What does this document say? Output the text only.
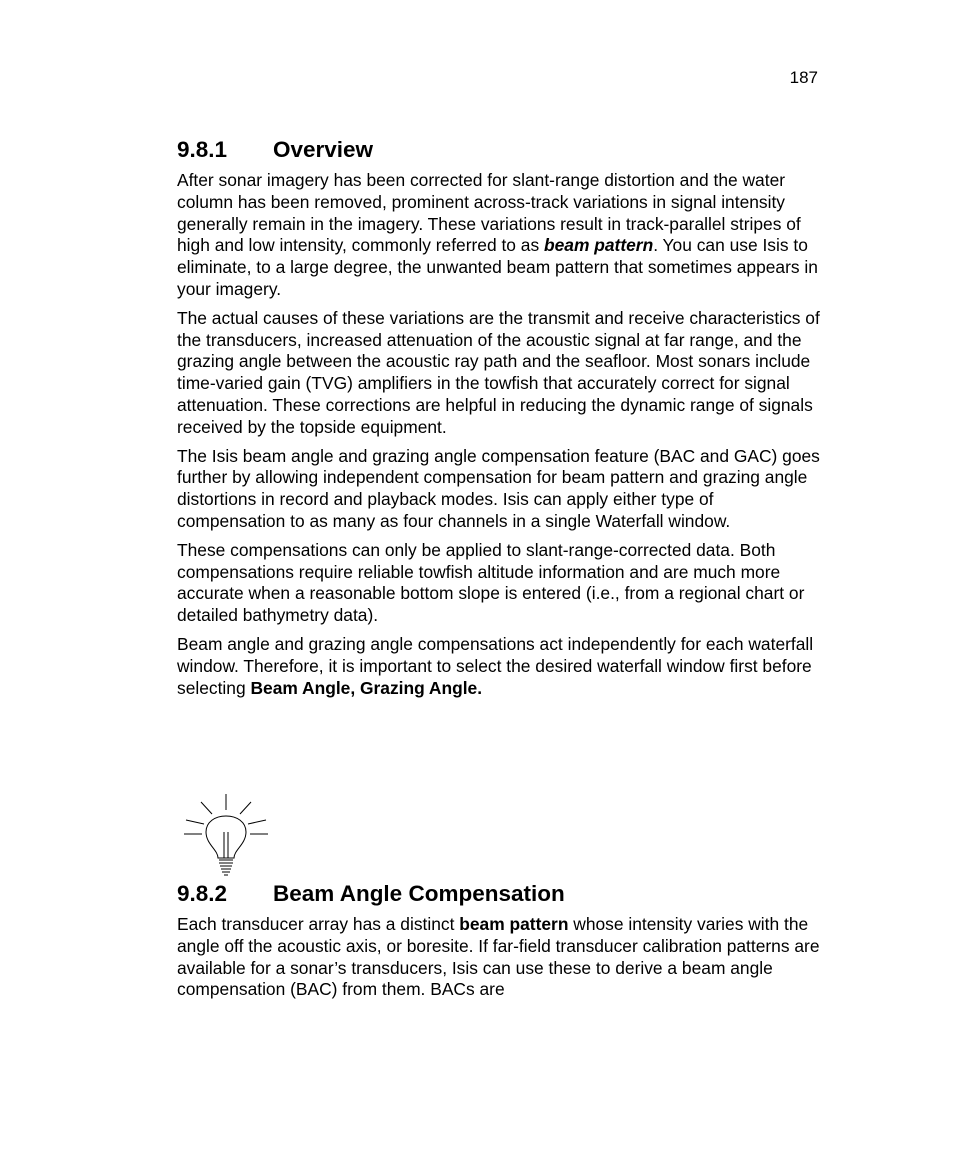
187
9.8.1 Overview

After sonar imagery has been corrected for slant-range distortion and the water column has been removed, prominent across-track variations in signal intensity generally remain in the imagery. These variations result in track-parallel stripes of high and low intensity, commonly referred to as beam pattern. You can use Isis to eliminate, to a large degree, the unwanted beam pattern that sometimes appears in your imagery.

The actual causes of these variations are the transmit and receive characteristics of the transducers, increased attenuation of the acoustic signal at far range, and the grazing angle between the acoustic ray path and the seafloor. Most sonars include time-varied gain (TVG) amplifiers in the towfish that accurately correct for signal attenuation. These corrections are helpful in reducing the dynamic range of signals received by the topside equipment.

The Isis beam angle and grazing angle compensation feature (BAC and GAC) goes further by allowing independent compensation for beam pattern and grazing angle distortions in record and playback modes. Isis can apply either type of compensation to as many as four channels in a single Waterfall window.

These compensations can only be applied to slant-range-corrected data. Both compensations require reliable towfish altitude information and are much more accurate when a reasonable bottom slope is entered (i.e., from a regional chart or detailed bathymetry data).

Beam angle and grazing angle compensations act independently for each waterfall window. Therefore, it is important to select the desired waterfall window first before selecting Beam Angle, Grazing Angle.

9.8.2 Beam Angle Compensation

Each transducer array has a distinct beam pattern whose intensity varies with the angle off the acoustic axis, or boresite. If far-field transducer calibration patterns are available for a sonar’s transducers, Isis can use these to derive a beam angle compensation (BAC) from them. BACs are
